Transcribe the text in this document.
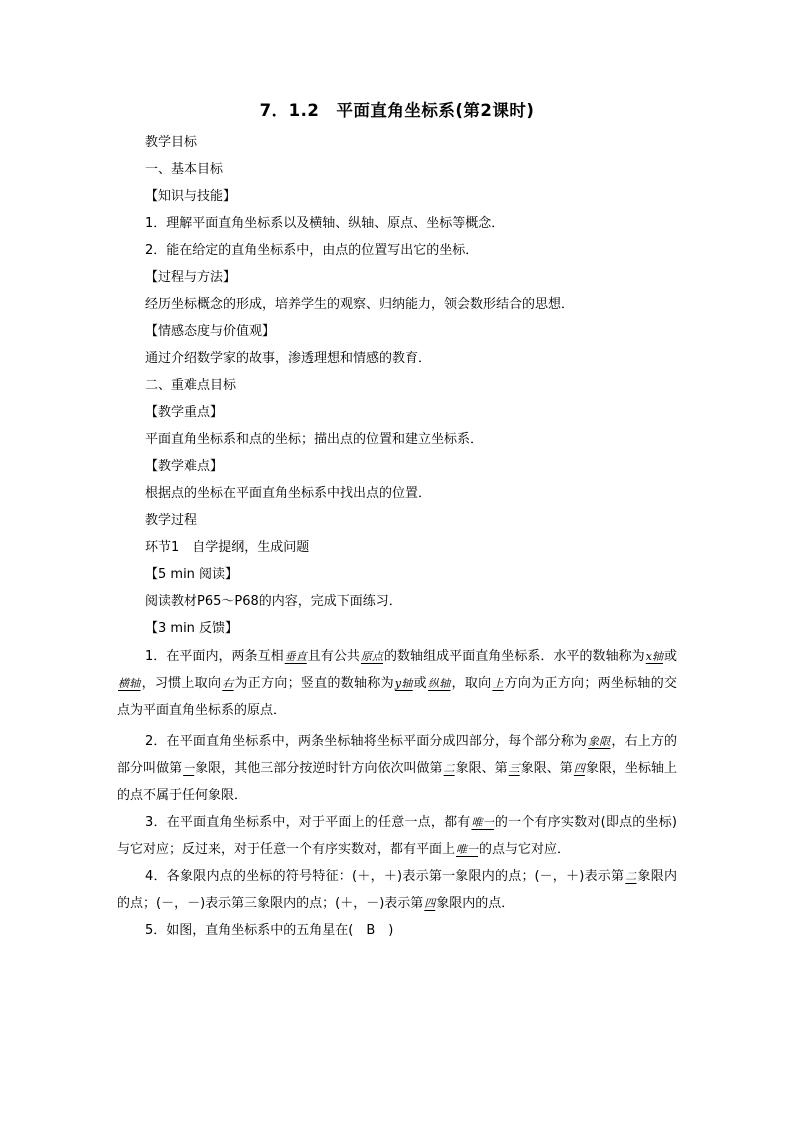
7．1.2　平面直角坐标系(第2课时)
教学目标
一、基本目标
【知识与技能】
1．理解平面直角坐标系以及横轴、纵轴、原点、坐标等概念．
2．能在给定的直角坐标系中，由点的位置写出它的坐标．
【过程与方法】
经历坐标概念的形成，培养学生的观察、归纳能力，领会数形结合的思想．
【情感态度与价值观】
通过介绍数学家的故事，渗透理想和情感的教育．
二、重难点目标
【教学重点】
平面直角坐标系和点的坐标；描出点的位置和建立坐标系．
【教学难点】
根据点的坐标在平面直角坐标系中找出点的位置．
教学过程
环节1　自学提纲，生成问题
【5 min 阅读】
阅读教材P65～P68的内容，完成下面练习．
【3 min 反馈】
1．在平面内，两条互相垂直且有公共原点的数轴组成平面直角坐标系．水平的数轴称为x轴或横轴，习惯上取向右为正方向；竖直的数轴称为y轴或纵轴，取向上方向为正方向；两坐标轴的交点为平面直角坐标系的原点．
2．在平面直角坐标系中，两条坐标轴将坐标平面分成四部分，每个部分称为象限，右上方的部分叫做第一象限，其他三部分按逆时针方向依次叫做第二象限、第三象限、第四象限，坐标轴上的点不属于任何象限．
3．在平面直角坐标系中，对于平面上的任意一点，都有唯一的一个有序实数对(即点的坐标)与它对应；反过来，对于任意一个有序实数对，都有平面上唯一的点与它对应．
4．各象限内点的坐标的符号特征：(＋，＋)表示第一象限内的点；(－，＋)表示第二象限内的点；(－，－)表示第三象限内的点；(＋，－)表示第四象限内的点．
5．如图，直角坐标系中的五角星在(　B　)
